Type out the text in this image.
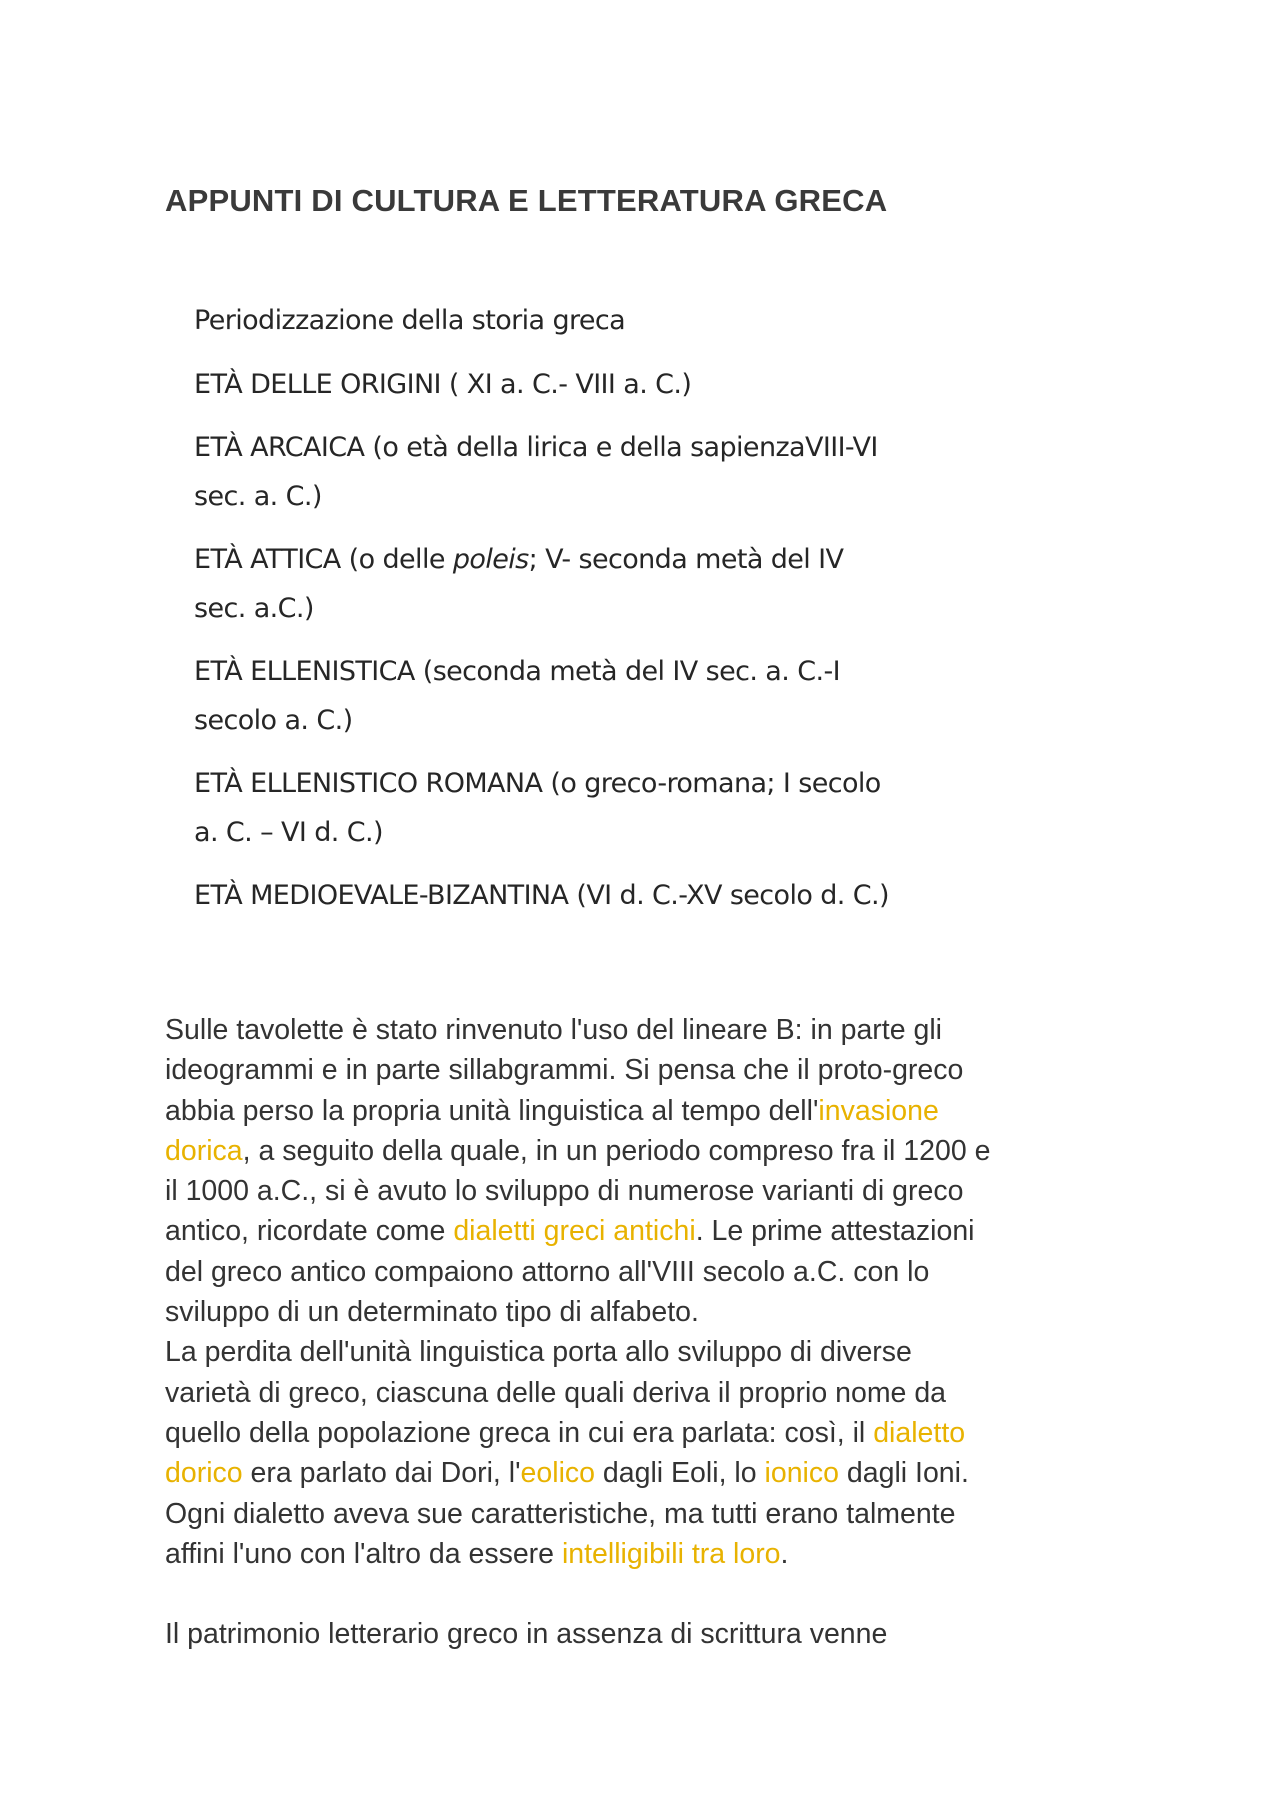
APPUNTI DI CULTURA E LETTERATURA GRECA
Periodizzazione della storia greca
ETÀ DELLE ORIGINI ( XI a. C.- VIII a. C.)
ETÀ ARCAICA (o età della lirica e della sapienzaVIII-VI
sec. a. C.)
ETÀ ATTICA (o delle poleis; V- seconda metà del IV
sec. a.C.)
ETÀ ELLENISTICA (seconda metà del IV sec. a. C.-I
secolo a. C.)
ETÀ ELLENISTICO ROMANA (o greco-romana; I secolo
a. C. – VI d. C.)
ETÀ MEDIOEVALE-BIZANTINA (VI d. C.-XV secolo d. C.)
Sulle tavolette è stato rinvenuto l'uso del lineare B: in parte gli
ideogrammi e in parte sillabgrammi. Si pensa che il proto-greco
abbia perso la propria unità linguistica al tempo dell'invasione
dorica, a seguito della quale, in un periodo compreso fra il 1200 e
il 1000 a.C., si è avuto lo sviluppo di numerose varianti di greco
antico, ricordate come dialetti greci antichi. Le prime attestazioni
del greco antico compaiono attorno all'VIII secolo a.C. con lo
sviluppo di un determinato tipo di alfabeto.
La perdita dell'unità linguistica porta allo sviluppo di diverse
varietà di greco, ciascuna delle quali deriva il proprio nome da
quello della popolazione greca in cui era parlata: così, il dialetto
dorico era parlato dai Dori, l'eolico dagli Eoli, lo ionico dagli Ioni.
Ogni dialetto aveva sue caratteristiche, ma tutti erano talmente
affini l'uno con l'altro da essere intelligibili tra loro.
Il patrimonio letterario greco in assenza di scrittura venne
